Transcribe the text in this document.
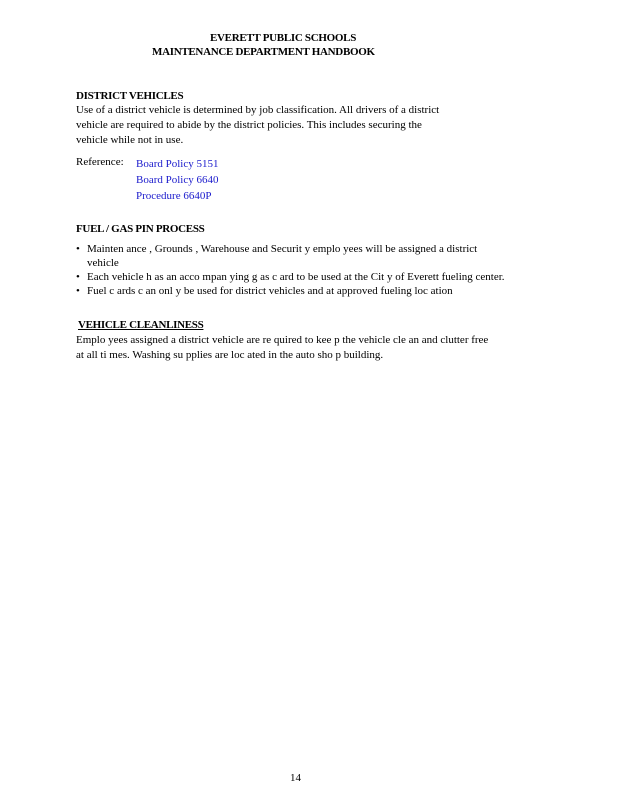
EVERETT PUBLIC SCHOOLS
MAINTENANCE DEPARTMENT HANDBOOK
DISTRICT VEHICLES
Use of a district vehicle is determined by job classification. All drivers of a district
vehicle are required to abide by the district policies. This includes securing the
vehicle while not in use.
Reference: Board Policy 5151
Board Policy 6640
Procedure 6640P
FUEL / GAS PIN PROCESS
• Mainten ance , Grounds , Warehouse and Securit y emplo yees will be assigned a district
vehicle
• Each vehicle h as an acco mpan ying g as c ard to be used at the Cit y of Everett fueling center.
• Fuel c ards c an onl y be used for district vehicles and at approved fueling loc ation
VEHICLE CLEANLINESS
Emplo yees assigned a district vehicle are re quired to kee p the vehicle cle an and clutter free
at all ti mes. Washing su pplies are loc ated in the auto sho p building.
14
